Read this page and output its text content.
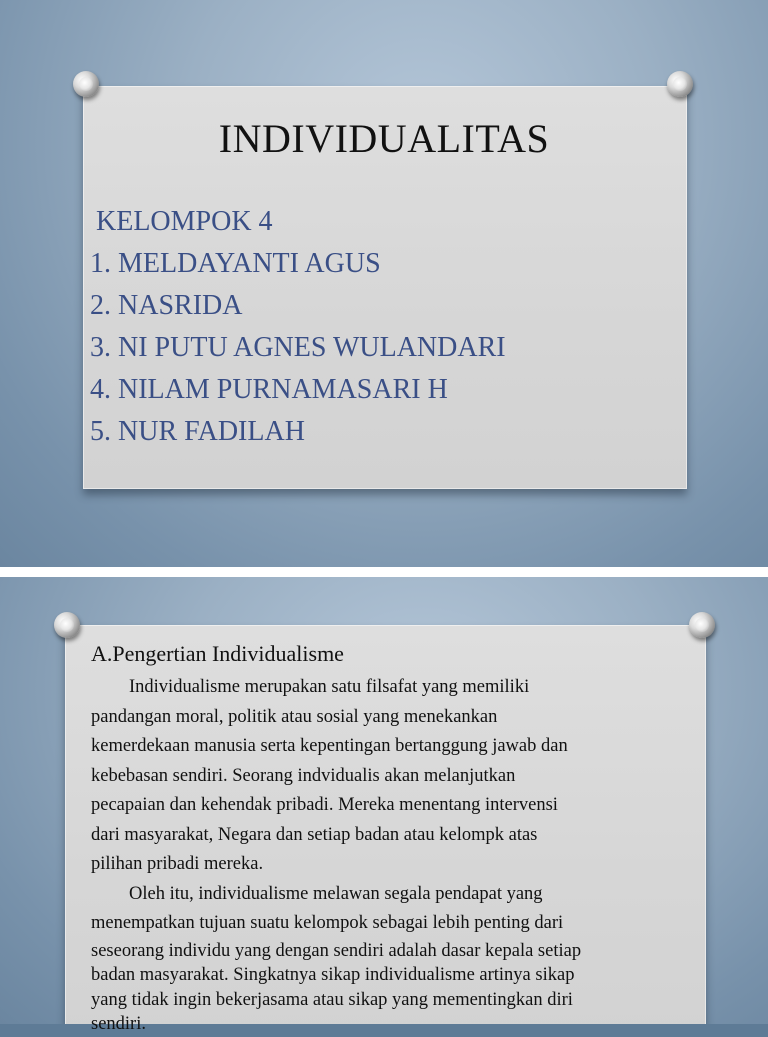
INDIVIDUALITAS
KELOMPOK 4
1. MELDAYANTI AGUS
2. NASRIDA
3. NI PUTU AGNES WULANDARI
4. NILAM PURNAMASARI H
5. NUR FADILAH
A.Pengertian Individualisme
Individualisme merupakan satu filsafat yang memiliki
pandangan moral, politik atau sosial yang menekankan
kemerdekaan manusia serta kepentingan bertanggung jawab dan
kebebasan sendiri. Seorang indvidualis akan melanjutkan
pecapaian dan kehendak pribadi. Mereka menentang intervensi
dari masyarakat, Negara dan setiap badan atau kelompk atas
pilihan pribadi mereka.
Oleh itu, individualisme melawan segala pendapat yang
menempatkan tujuan suatu kelompok sebagai lebih penting dari
seseorang individu yang dengan sendiri adalah dasar kepala setiap
badan masyarakat. Singkatnya sikap individualisme artinya sikap
yang tidak ingin bekerjasama atau sikap yang mementingkan diri
sendiri.
